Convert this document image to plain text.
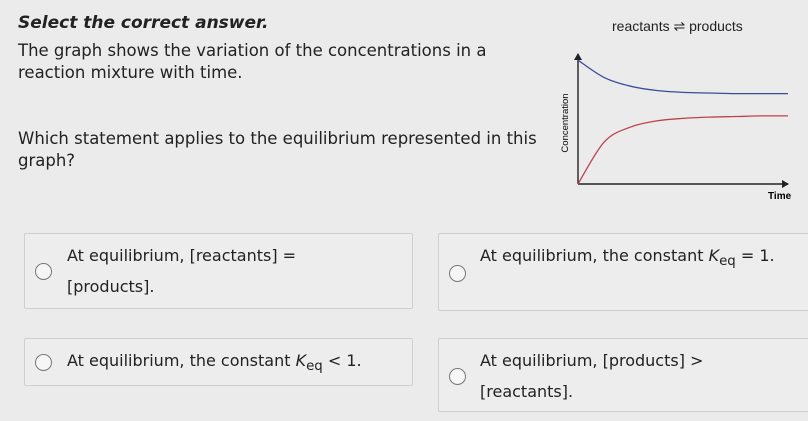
Select the correct answer.	reactants ⇌ products
The graph shows the variation of the concentrations in a reaction mixture with time.
Which statement applies to the equilibrium represented in this graph?
Concentration
Time
At equilibrium, [reactants] =
[products].
At equilibrium, the constant $K_{eq} = 1$.
At equilibrium, the constant $K_{eq} < 1$.	At equilibrium, [products] >
[reactants].
